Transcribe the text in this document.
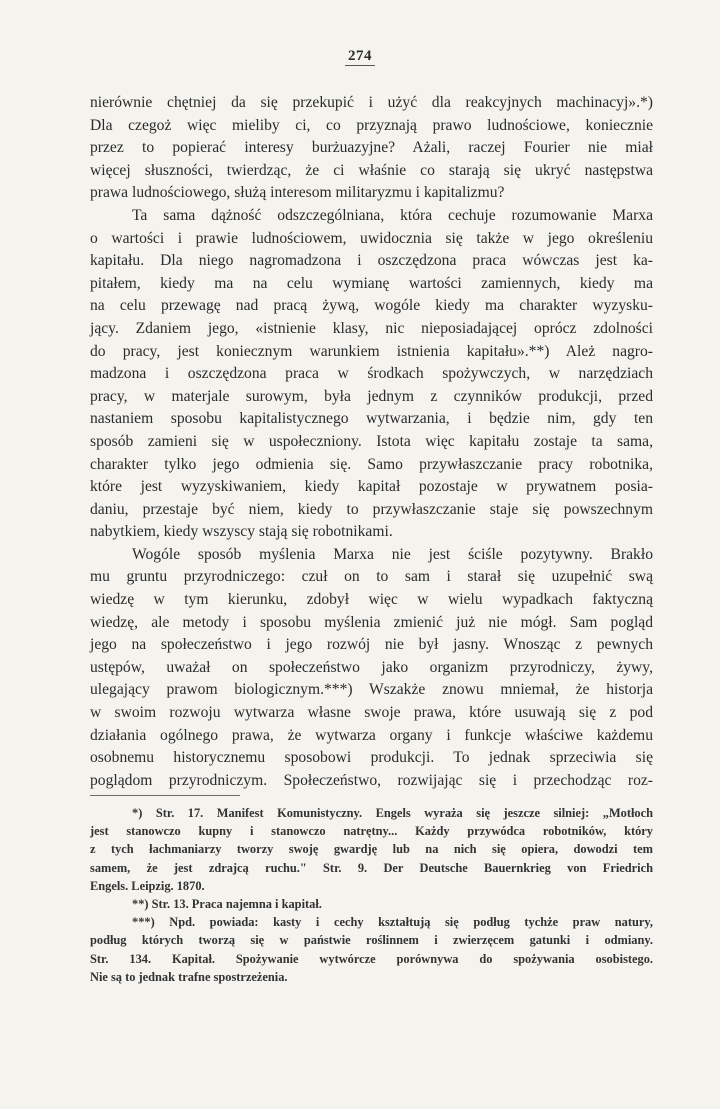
274
nierównie chętniej da się przekupić i użyć dla reakcyjnych machinacyj».*)
Dla czegoż więc mieliby ci, co przyznają prawo ludnościowe, koniecznie
przez to popierać interesy burżuazyjne? Ażali, raczej Fourier nie miał
więcej słuszności, twierdząc, że ci właśnie co starają się ukryć następstwa
prawa ludnościowego, służą interesom militaryzmu i kapitalizmu?
Ta sama dążność odszczególniana, która cechuje rozumowanie Marxa
o wartości i prawie ludnościowem, uwidocznia się także w jego określeniu
kapitału. Dla niego nagromadzona i oszczędzona praca wówczas jest ka-
pitałem, kiedy ma na celu wymianę wartości zamiennych, kiedy ma
na celu przewagę nad pracą żywą, wogóle kiedy ma charakter wyzysku-
jący. Zdaniem jego, «istnienie klasy, nic nieposiadającej oprócz zdolności
do pracy, jest koniecznym warunkiem istnienia kapitału».**) Ależ nagro-
madzona i oszczędzona praca w środkach spożywczych, w narzędziach
pracy, w materjale surowym, była jednym z czynników produkcji, przed
nastaniem sposobu kapitalistycznego wytwarzania, i będzie nim, gdy ten
sposób zamieni się w uspołeczniony. Istota więc kapitału zostaje ta sama,
charakter tylko jego odmienia się. Samo przywłaszczanie pracy robotnika,
które jest wyzyskiwaniem, kiedy kapitał pozostaje w prywatnem posia-
daniu, przestaje być niem, kiedy to przywłaszczanie staje się powszechnym
nabytkiem, kiedy wszyscy stają się robotnikami.
Wogóle sposób myślenia Marxa nie jest ściśle pozytywny. Brakło
mu gruntu przyrodniczego: czuł on to sam i starał się uzupełnić swą
wiedzę w tym kierunku, zdobył więc w wielu wypadkach faktyczną
wiedzę, ale metody i sposobu myślenia zmienić już nie mógł. Sam pogląd
jego na społeczeństwo i jego rozwój nie był jasny. Wnosząc z pewnych
ustępów, uważał on społeczeństwo jako organizm przyrodniczy, żywy,
ulegający prawom biologicznym.***) Wszakże znowu mniemał, że historja
w swoim rozwoju wytwarza własne swoje prawa, które usuwają się z pod
działania ogólnego prawa, że wytwarza organy i funkcje właściwe każdemu
osobnemu historycznemu sposobowi produkcji. To jednak sprzeciwia się
poglądom przyrodniczym. Społeczeństwo, rozwijając się i przechodząc roz-
*) Str. 17. Manifest Komunistyczny. Engels wyraża się jeszcze silniej: „Motłoch
jest stanowczo kupny i stanowczo natrętny... Każdy przywódca robotników, który
z tych łachmaniarzy tworzy swoję gwardję lub na nich się opiera, dowodzi tem
samem, że jest zdrajcą ruchu." Str. 9. Der Deutsche Bauernkrieg von Friedrich
Engels. Leipzig. 1870.
**) Str. 13. Praca najemna i kapitał.
***) Npd. powiada: kasty i cechy kształtują się podług tychże praw natury,
podług których tworzą się w państwie roślinnem i zwierzęcem gatunki i odmiany.
Str. 134. Kapitał. Spożywanie wytwórcze porównywa do spożywania osobistego.
Nie są to jednak trafne spostrzeżenia.
